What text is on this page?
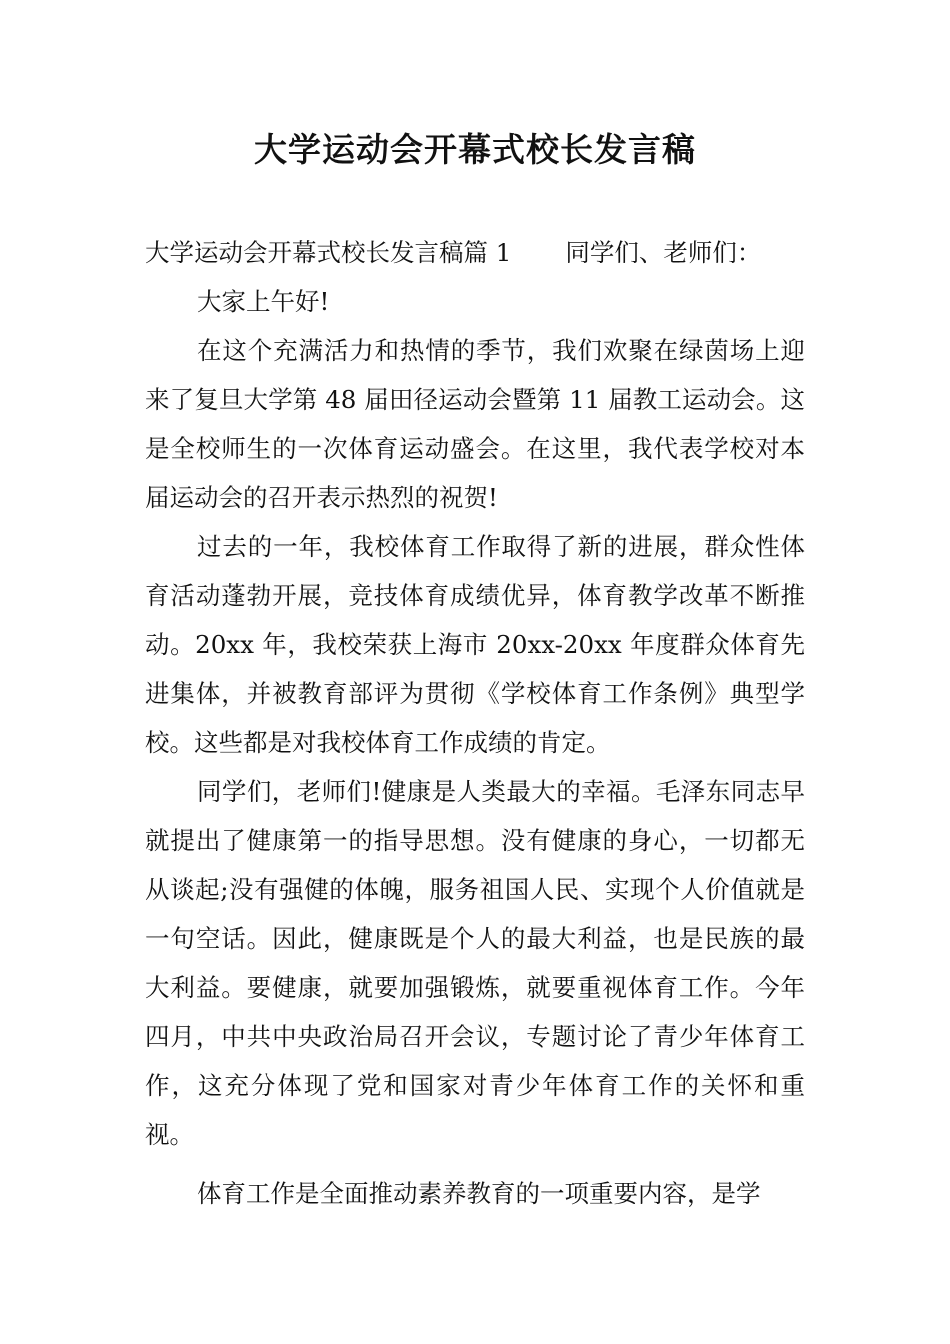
大学运动会开幕式校长发言稿

大学运动会开幕式校长发言稿篇 1 同学们、老师们：

大家上午好!

在这个充满活力和热情的季节，我们欢聚在绿茵场上迎来了复旦大学第 48 届田径运动会暨第 11 届教工运动会。这是全校师生的一次体育运动盛会。在这里，我代表学校对本届运动会的召开表示热烈的祝贺!

过去的一年，我校体育工作取得了新的进展，群众性体育活动蓬勃开展，竞技体育成绩优异，体育教学改革不断推动。20xx 年，我校荣获上海市 20xx-20xx 年度群众体育先进集体，并被教育部评为贯彻《学校体育工作条例》典型学校。这些都是对我校体育工作成绩的肯定。

同学们，老师们!健康是人类最大的幸福。毛泽东同志早就提出了健康第一的指导思想。没有健康的身心，一切都无从谈起;没有强健的体魄，服务祖国人民、实现个人价值就是一句空话。因此，健康既是个人的最大利益，也是民族的最大利益。要健康，就要加强锻炼，就要重视体育工作。今年四月，中共中央政治局召开会议，专题讨论了青少年体育工作，这充分体现了党和国家对青少年体育工作的关怀和重视。

体育工作是全面推动素养教育的一项重要内容，是学
